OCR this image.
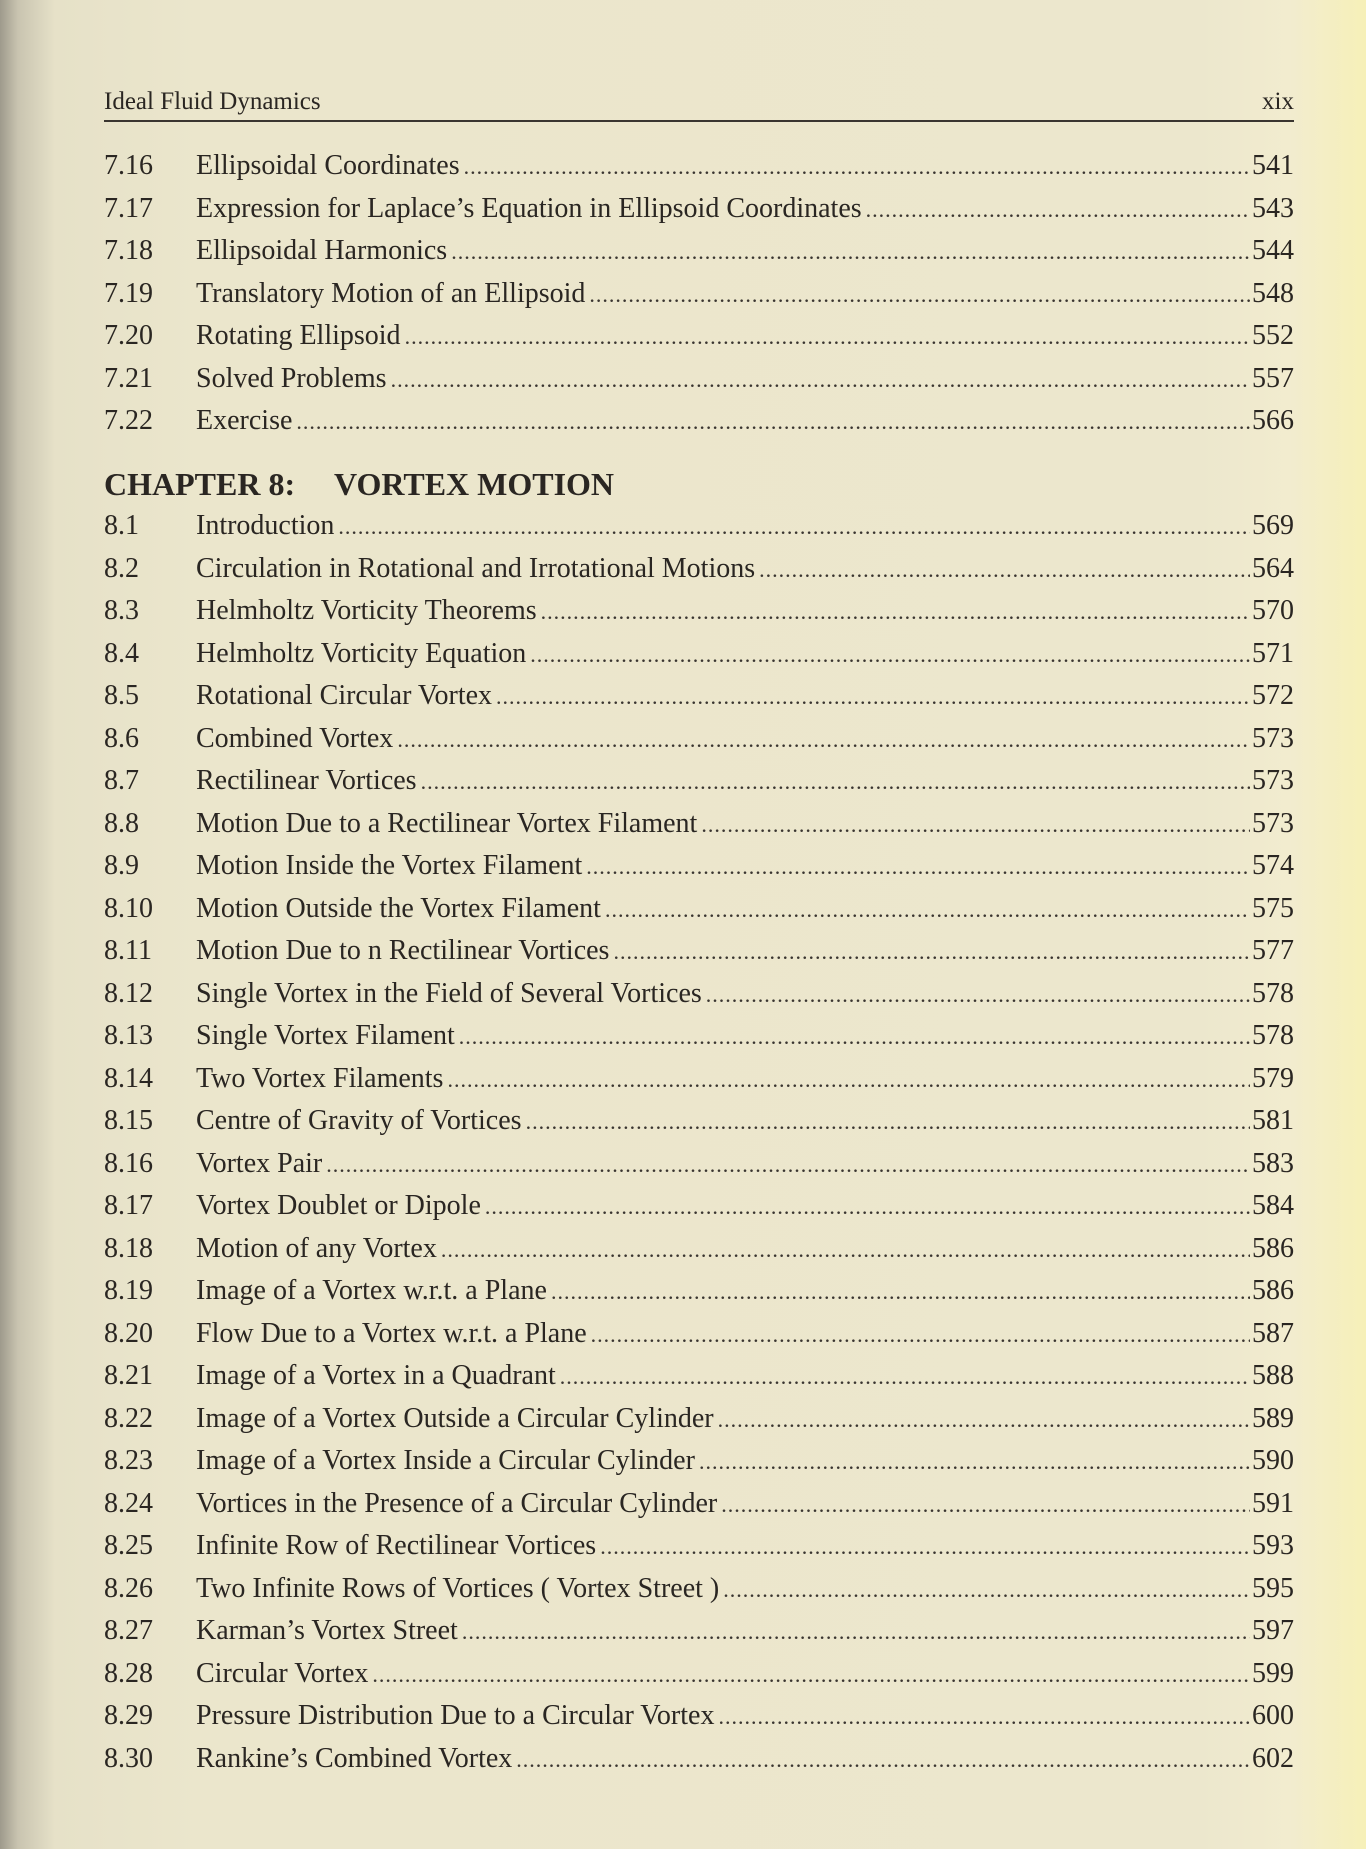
Ideal Fluid Dynamics	xix
7.16	Ellipsoidal Coordinates .....	541
7.17	Expression for Laplace’s Equation in Ellipsoid Coordinates .....	543
7.18	Ellipsoidal Harmonics .....	544
7.19	Translatory Motion of an Ellipsoid .....	548
7.20	Rotating Ellipsoid .....	552
7.21	Solved Problems .....	557
7.22	Exercise .....	566
CHAPTER 8: VORTEX MOTION
8.1	Introduction .....	569
8.2	Circulation in Rotational and Irrotational Motions .....	564
8.3	Helmholtz Vorticity Theorems .....	570
8.4	Helmholtz Vorticity Equation .....	571
8.5	Rotational Circular Vortex .....	572
8.6	Combined Vortex .....	573
8.7	Rectilinear Vortices .....	573
8.8	Motion Due to a Rectilinear Vortex Filament .....	573
8.9	Motion Inside the Vortex Filament .....	574
8.10	Motion Outside the Vortex Filament .....	575
8.11	Motion Due to n Rectilinear Vortices .....	577
8.12	Single Vortex in the Field of Several Vortices .....	578
8.13	Single Vortex Filament .....	578
8.14	Two Vortex Filaments .....	579
8.15	Centre of Gravity of Vortices .....	581
8.16	Vortex Pair .....	583
8.17	Vortex Doublet or Dipole .....	584
8.18	Motion of any Vortex .....	586
8.19	Image of a Vortex w.r.t. a Plane .....	586
8.20	Flow Due to a Vortex w.r.t. a Plane .....	587
8.21	Image of a Vortex in a Quadrant .....	588
8.22	Image of a Vortex Outside a Circular Cylinder .....	589
8.23	Image of a Vortex Inside a Circular Cylinder .....	590
8.24	Vortices in the Presence of a Circular Cylinder .....	591
8.25	Infinite Row of Rectilinear Vortices .....	593
8.26	Two Infinite Rows of Vortices ( Vortex Street ) .....	595
8.27	Karman’s Vortex Street .....	597
8.28	Circular Vortex .....	599
8.29	Pressure Distribution Due to a Circular Vortex .....	600
8.30	Rankine’s Combined Vortex .....	602
